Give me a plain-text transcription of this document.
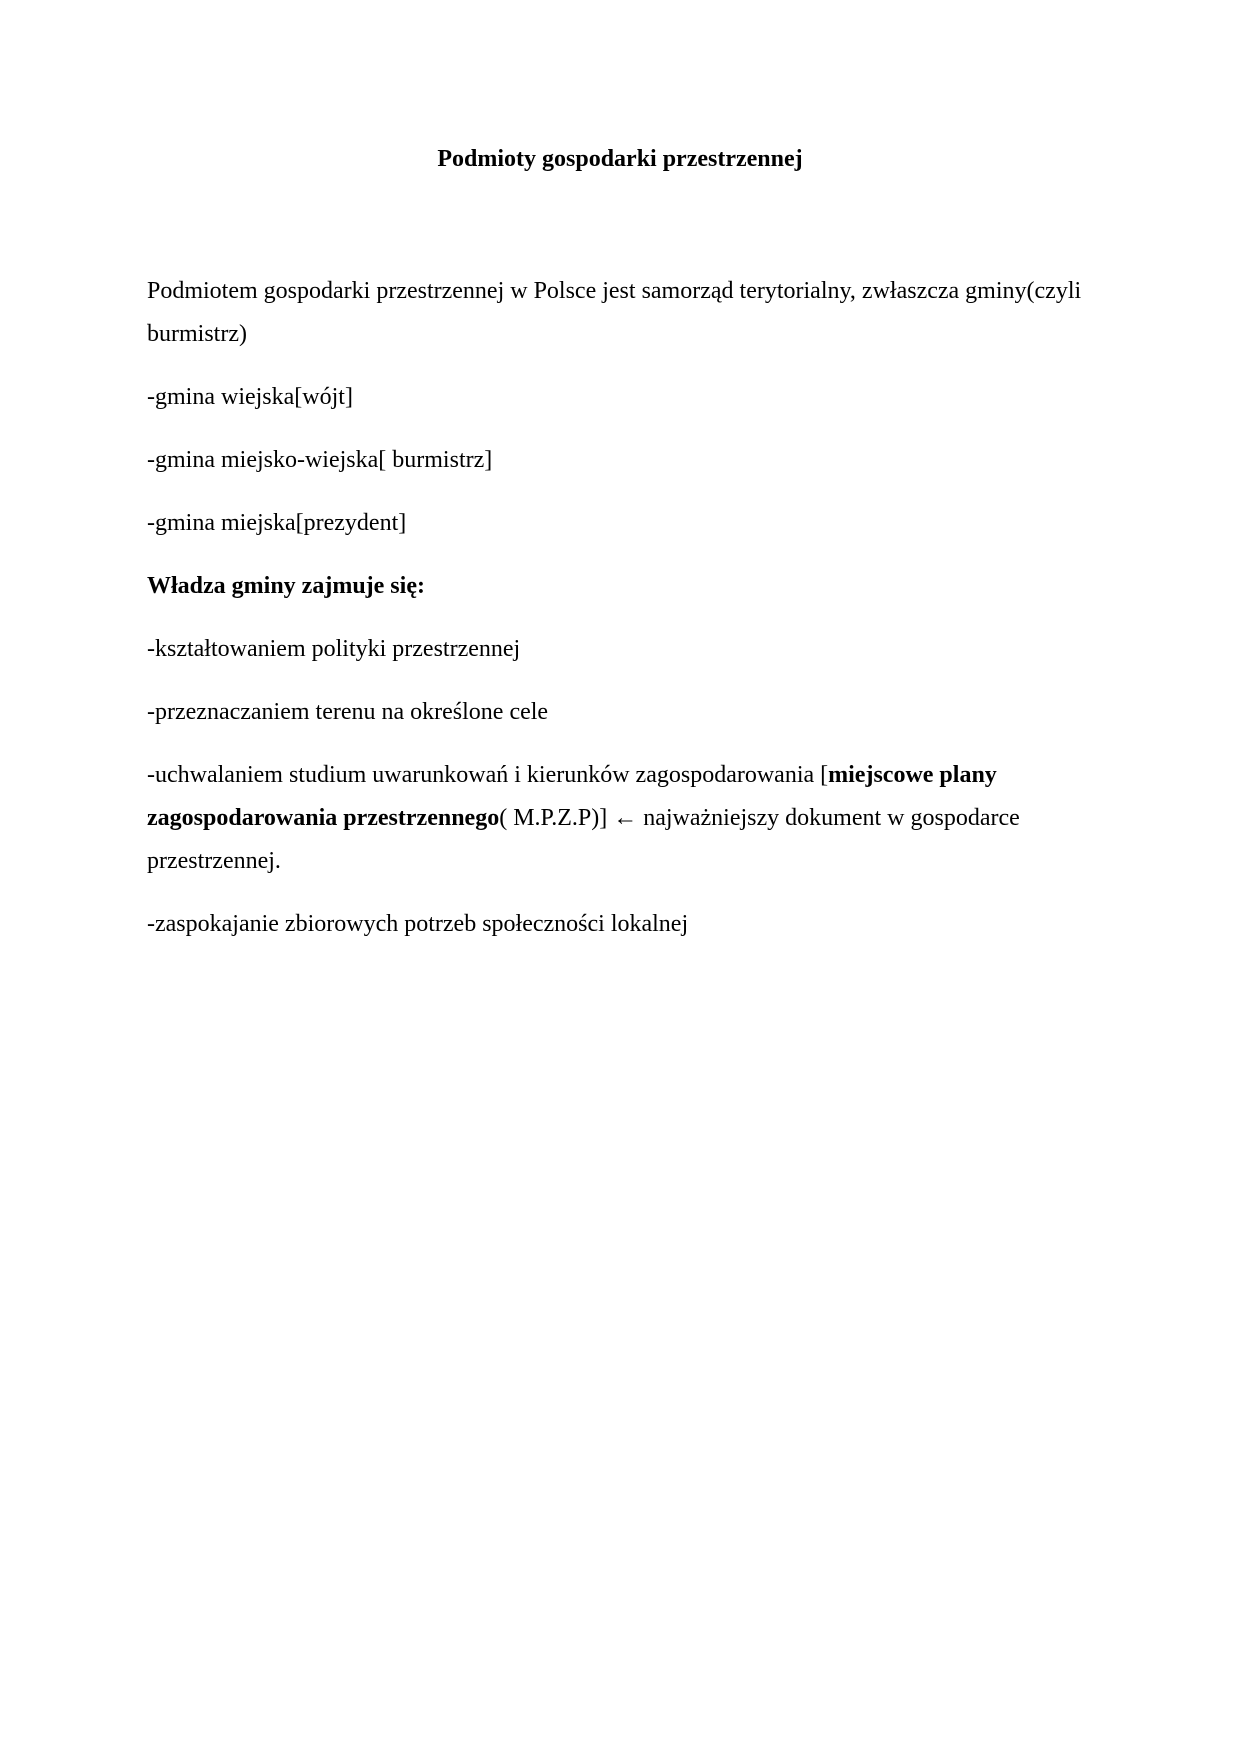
Podmioty gospodarki przestrzennej
Podmiotem gospodarki przestrzennej w Polsce jest samorząd terytorialny, zwłaszcza gminy(czyli burmistrz)
-gmina wiejska[wójt]
-gmina miejsko-wiejska[ burmistrz]
-gmina miejska[prezydent]
Władza gminy zajmuje się:
-kształtowaniem polityki przestrzennej
-przeznaczaniem terenu na określone cele
-uchwalaniem studium uwarunkowań i kierunków zagospodarowania [miejscowe plany zagospodarowania przestrzennego( M.P.Z.P)] ← najważniejszy dokument w gospodarce przestrzennej.
-zaspokajanie zbiorowych potrzeb społeczności lokalnej
